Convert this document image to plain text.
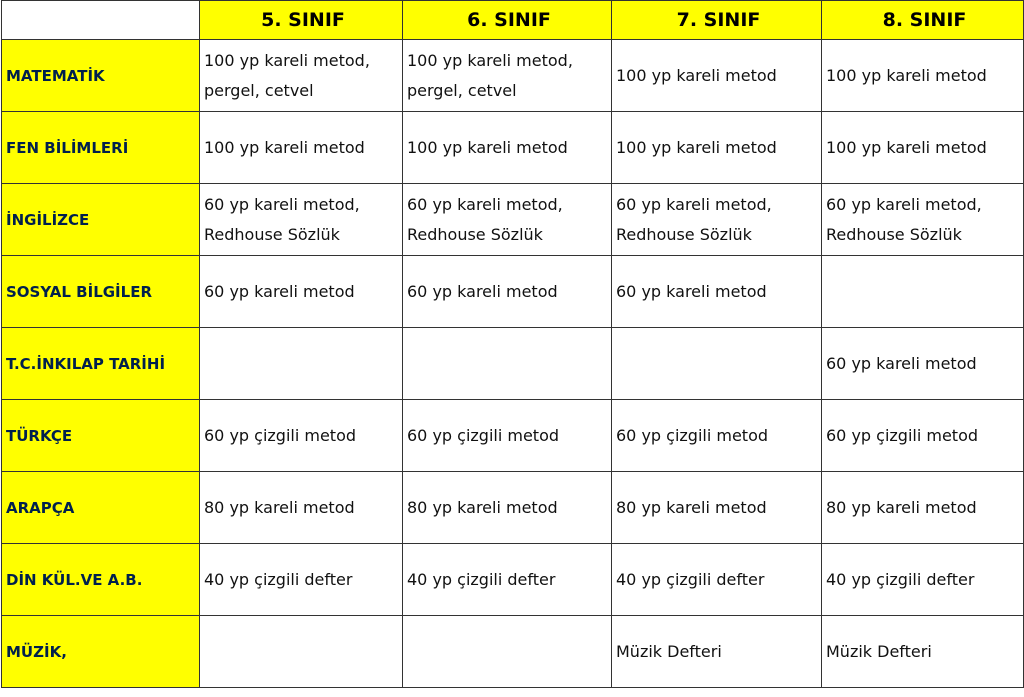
	5. SINIF	6. SINIF	7. SINIF	8. SINIF
MATEMATİK	100 yp kareli metod, pergel, cetvel	100 yp kareli metod, pergel, cetvel	100 yp kareli metod	100 yp kareli metod
FEN BİLİMLERİ	100 yp kareli metod	100 yp kareli metod	100 yp kareli metod	100 yp kareli metod
İNGİLİZCE	60 yp kareli metod, Redhouse Sözlük	60 yp kareli metod, Redhouse Sözlük	60 yp kareli metod, Redhouse Sözlük	60 yp kareli metod, Redhouse Sözlük
SOSYAL BİLGİLER	60 yp kareli metod	60 yp kareli metod	60 yp kareli metod	
T.C.İNKILAP TARİHİ				60 yp kareli metod
TÜRKÇE	60 yp çizgili metod	60 yp çizgili metod	60 yp çizgili metod	60 yp çizgili metod
ARAPÇA	80 yp kareli metod	80 yp kareli metod	80 yp kareli metod	80 yp kareli metod
DİN KÜL.VE A.B.	40 yp çizgili defter	40 yp çizgili defter	40 yp çizgili defter	40 yp çizgili defter
MÜZİK,			Müzik Defteri	Müzik Defteri
